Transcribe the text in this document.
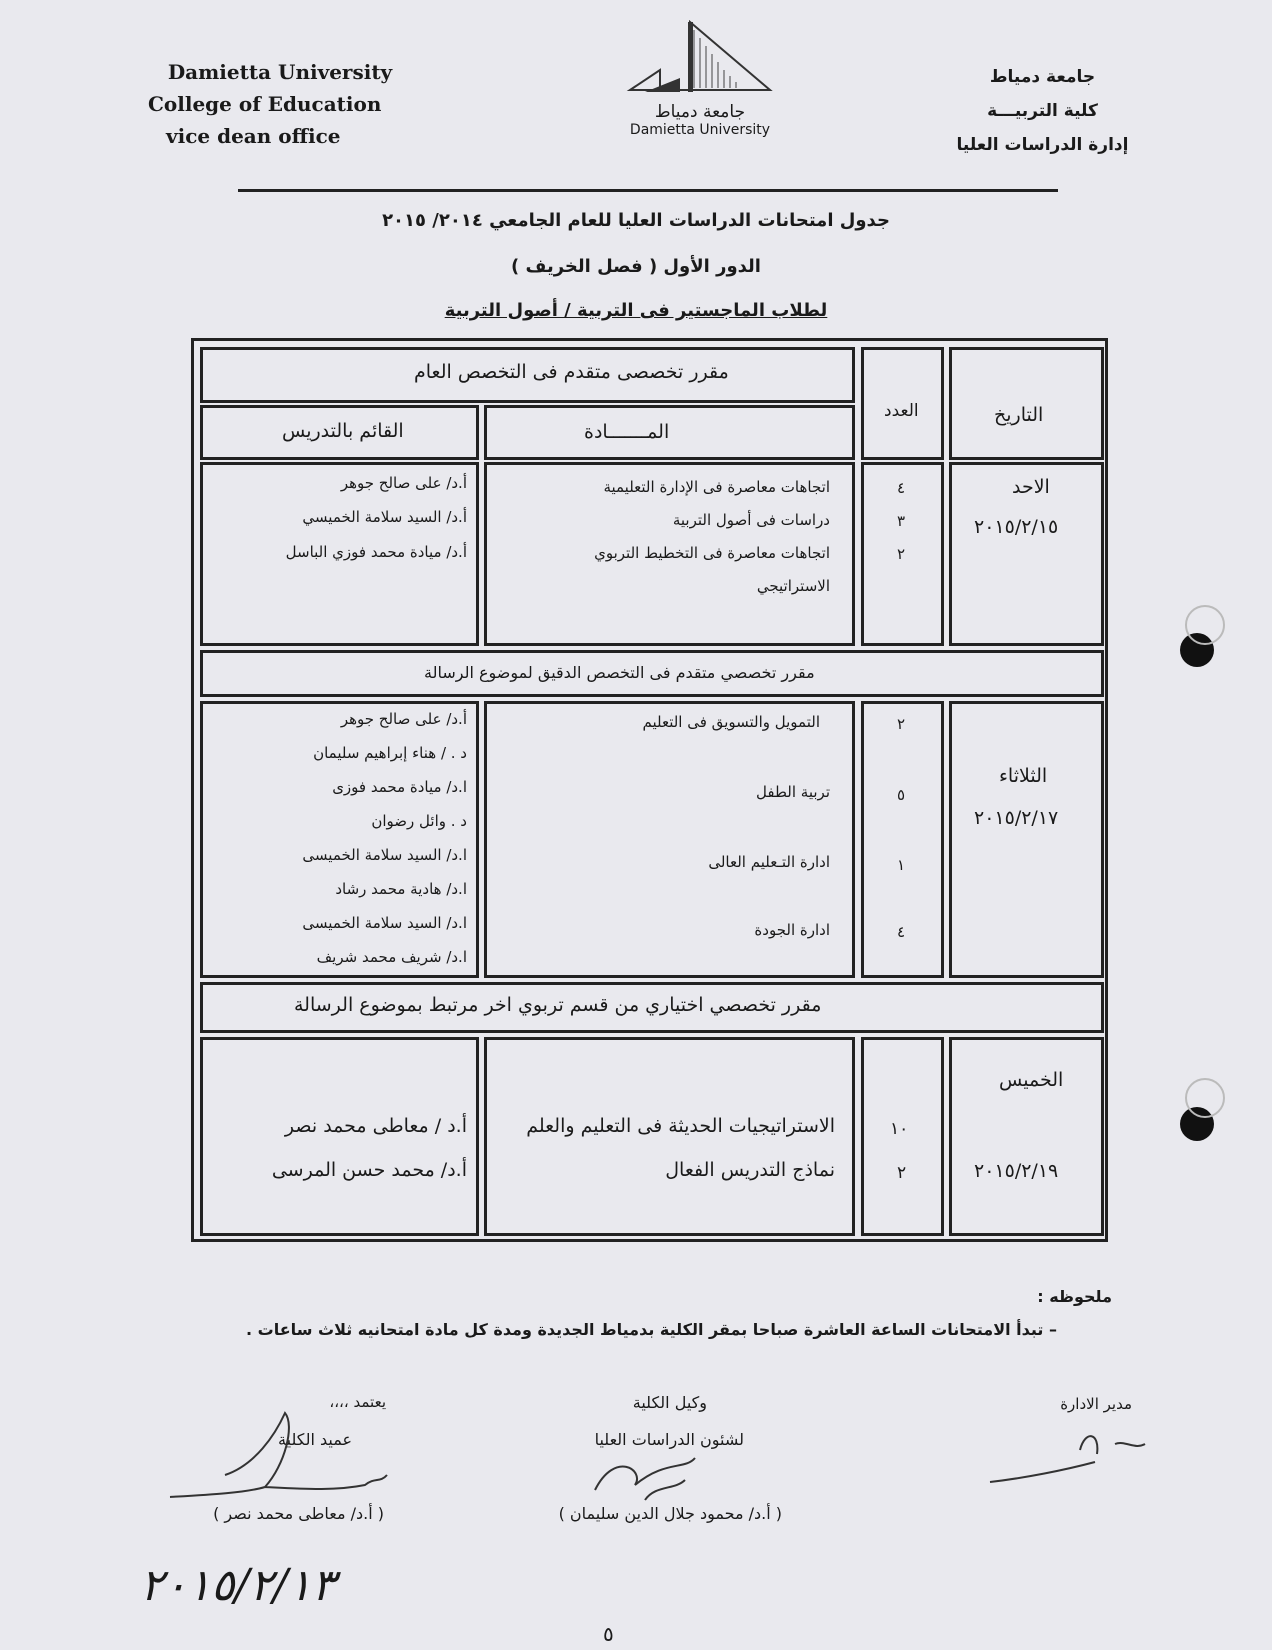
Damietta University
College of Education
vice dean office
جامعة دمياط
Damietta University
جامعة دمياط
كلية التربيـــة
إدارة الدراسات العليا
جدول امتحانات الدراسات العليا للعام الجامعي ٢٠١٤/ ٢٠١٥
الدور الأول ( فصل الخريف )
لطلاب الماجستير فى التربية / أصول التربية
التاريخ
العدد
مقرر تخصصى متقدم فى التخصص العام
المـــــــادة
القائم بالتدريس
الاحد
٢٠١٥/٢/١٥
٤
٣
٢
اتجاهات معاصرة فى الإدارة التعليمية
دراسات فى أصول التربية
اتجاهات معاصرة فى التخطيط التربوي
الاستراتيجي
أ.د/ على صالح جوهر
أ.د/ السيد سلامة الخميسي
أ.د/ ميادة محمد فوزي الباسل
مقرر تخصصي متقدم فى التخصص الدقيق لموضوع الرسالة
الثلاثاء
٢٠١٥/٢/١٧
٢
٥
١
٤
التمويل والتسويق فى التعليم
تربية الطفل
ادارة التـعليم العالى
ادارة الجودة
أ.د/ على صالح جوهر
د . / هناء إبراهيم سليمان
ا.د/ ميادة محمد فوزى
د . وائل رضوان
ا.د/ السيد سلامة الخميسى
ا.د/ هادية محمد رشاد
ا.د/ السيد سلامة الخميسى
ا.د/ شريف محمد شريف
مقرر تخصصي اختياري من قسم تربوي اخر مرتبط بموضوع الرسالة
الخميس
٢٠١٥/٢/١٩
١٠
٢
الاستراتيجيات الحديثة فى التعليم والعلم
نماذج التدريس الفعال
أ.د / معاطى محمد نصر
أ.د/ محمد حسن المرسى
ملحوظه :
– تبدأ الامتحانات الساعة العاشرة صباحا بمقر الكلية بدمياط الجديدة ومدة كل مادة امتحانيه ثلاث ساعات .
مدير الادارة
وكيل الكلية
لشئون الدراسات العليا
( أ.د/ محمود جلال الدين سليمان )
يعتمد ،،،،
عميد الكلية
( أ.د/ معاطى محمد نصر )
٢٠١٥/٢/١٣
٥
